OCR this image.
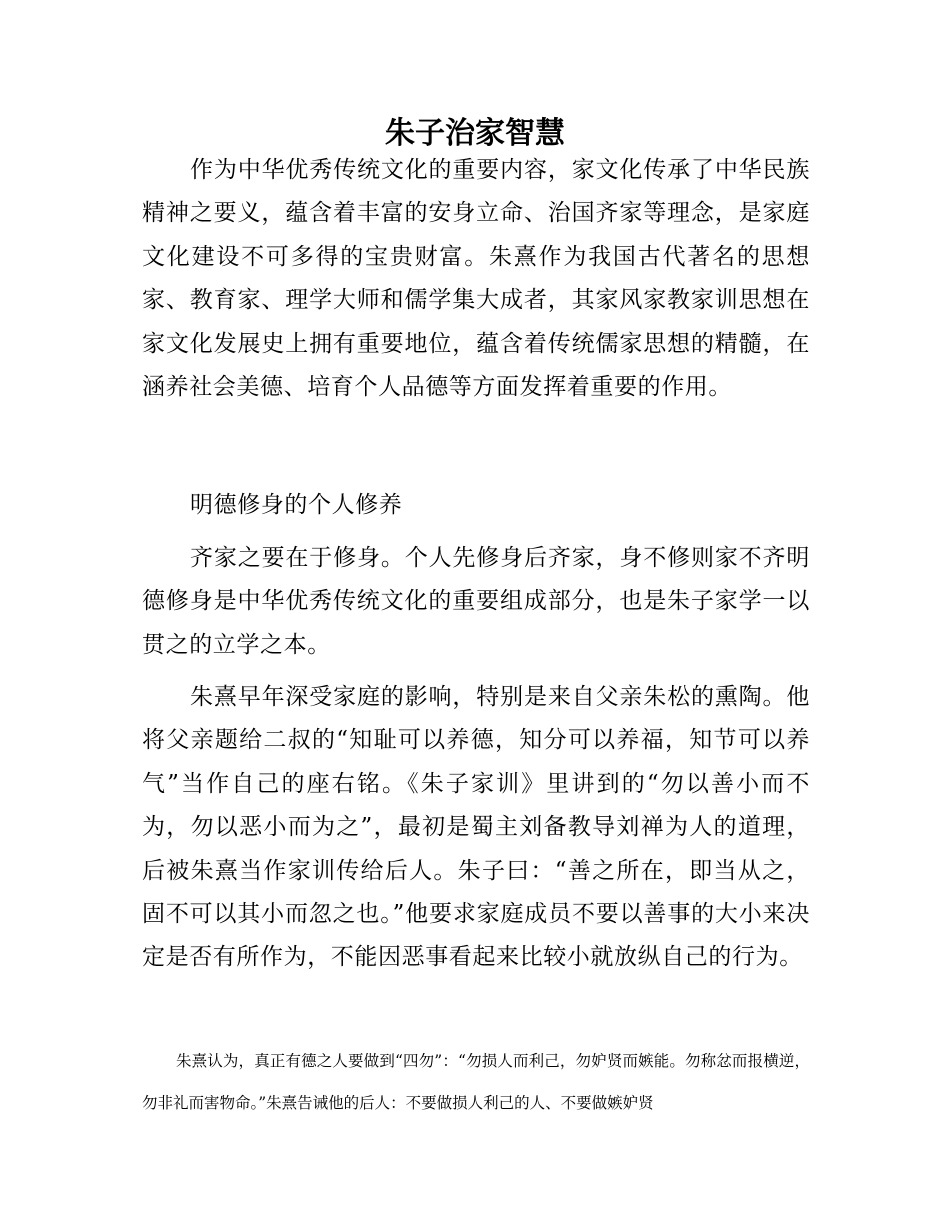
朱子治家智慧

作为中华优秀传统文化的重要内容，家文化传承了中华民族精神之要义，蕴含着丰富的安身立命、治国齐家等理念，是家庭文化建设不可多得的宝贵财富。朱熹作为我国古代著名的思想家、教育家、理学大师和儒学集大成者，其家风家教家训思想在家文化发展史上拥有重要地位，蕴含着传统儒家思想的精髓，在涵养社会美德、培育个人品德等方面发挥着重要的作用。

明德修身的个人修养

齐家之要在于修身。个人先修身后齐家，身不修则家不齐明德修身是中华优秀传统文化的重要组成部分，也是朱子家学一以贯之的立学之本。

朱熹早年深受家庭的影响，特别是来自父亲朱松的熏陶。他将父亲题给二叔的“知耻可以养德，知分可以养福，知节可以养气”当作自己的座右铭。《朱子家训》里讲到的“勿以善小而不为，勿以恶小而为之”，最初是蜀主刘备教导刘禅为人的道理，后被朱熹当作家训传给后人。朱子曰：“善之所在，即当从之，固不可以其小而忽之也。”他要求家庭成员不要以善事的大小来决定是否有所作为，不能因恶事看起来比较小就放纵自己的行为。

朱熹认为，真正有德之人要做到“四勿”：“勿损人而利己，勿妒贤而嫉能。勿称忿而报横逆，勿非礼而害物命。”朱熹告诫他的后人：不要做损人利己的人、不要做嫉妒贤
